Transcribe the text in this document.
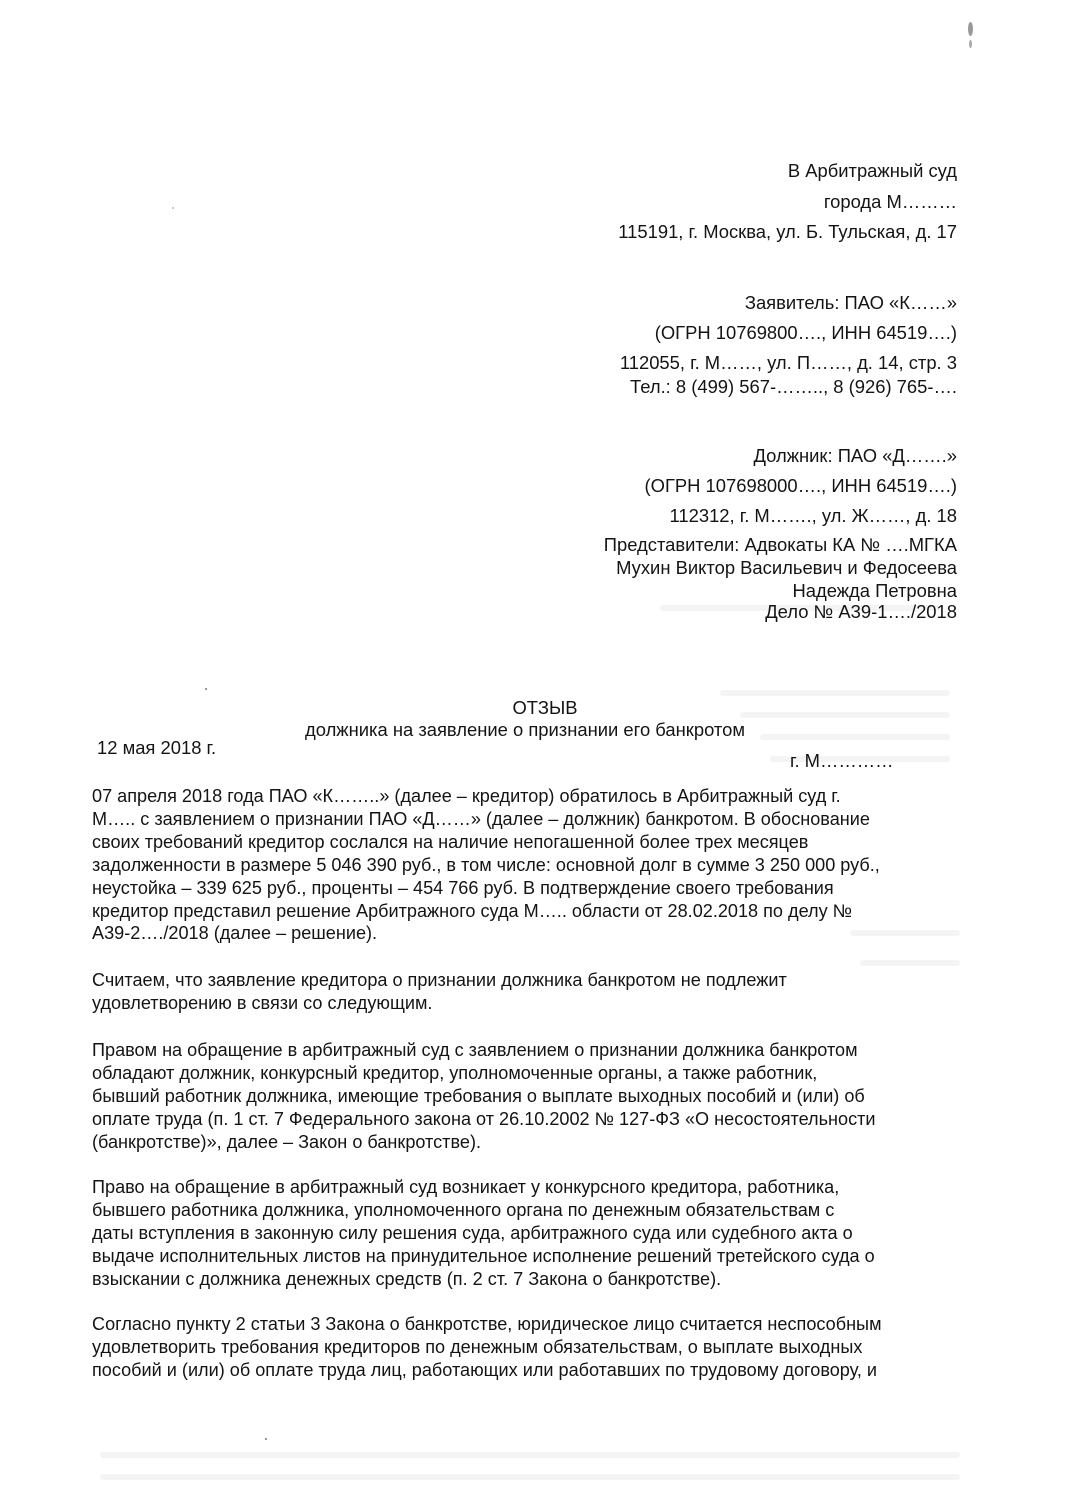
В Арбитражный суд
города М………
115191, г. Москва, ул. Б. Тульская, д. 17
Заявитель: ПАО «К……»
(ОГРН 10769800…., ИНН 64519….)
112055, г. М……, ул. П……, д. 14, стр. 3
Тел.: 8 (499) 567-…….., 8 (926) 765-….
Должник: ПАО «Д…….»
(ОГРН 107698000…., ИНН 64519….)
112312, г. М……., ул. Ж……, д. 18
Представители: Адвокаты КА № ….МГКА
Мухин Виктор Васильевич и Федосеева
Надежда Петровна
Дело № А39-1…./2018
ОТЗЫВ
должника на заявление о признании его банкротом
12 мая 2018 г.
г. М…………
07 апреля 2018 года ПАО «К……..» (далее – кредитор) обратилось в Арбитражный суд г.
М….. с заявлением о признании ПАО «Д……» (далее – должник) банкротом. В обоснование
своих требований кредитор сослался на наличие непогашенной более трех месяцев
задолженности в размере 5 046 390 руб., в том числе: основной долг в сумме 3 250 000 руб.,
неустойка – 339 625 руб., проценты – 454 766 руб. В подтверждение своего требования
кредитор представил решение Арбитражного суда М….. области от 28.02.2018 по делу №
А39-2…./2018 (далее – решение).
Считаем, что заявление кредитора о признании должника банкротом не подлежит
удовлетворению в связи со следующим.
Правом на обращение в арбитражный суд с заявлением о признании должника банкротом
обладают должник, конкурсный кредитор, уполномоченные органы, а также работник,
бывший работник должника, имеющие требования о выплате выходных пособий и (или) об
оплате труда (п. 1 ст. 7 Федерального закона от 26.10.2002 № 127-ФЗ «О несостоятельности
(банкротстве)», далее – Закон о банкротстве).
Право на обращение в арбитражный суд возникает у конкурсного кредитора, работника,
бывшего работника должника, уполномоченного органа по денежным обязательствам с
даты вступления в законную силу решения суда, арбитражного суда или судебного акта о
выдаче исполнительных листов на принудительное исполнение решений третейского суда о
взыскании с должника денежных средств (п. 2 ст. 7 Закона о банкротстве).
Согласно пункту 2 статьи 3 Закона о банкротстве, юридическое лицо считается неспособным
удовлетворить требования кредиторов по денежным обязательствам, о выплате выходных
пособий и (или) об оплате труда лиц, работающих или работавших по трудовому договору, и
